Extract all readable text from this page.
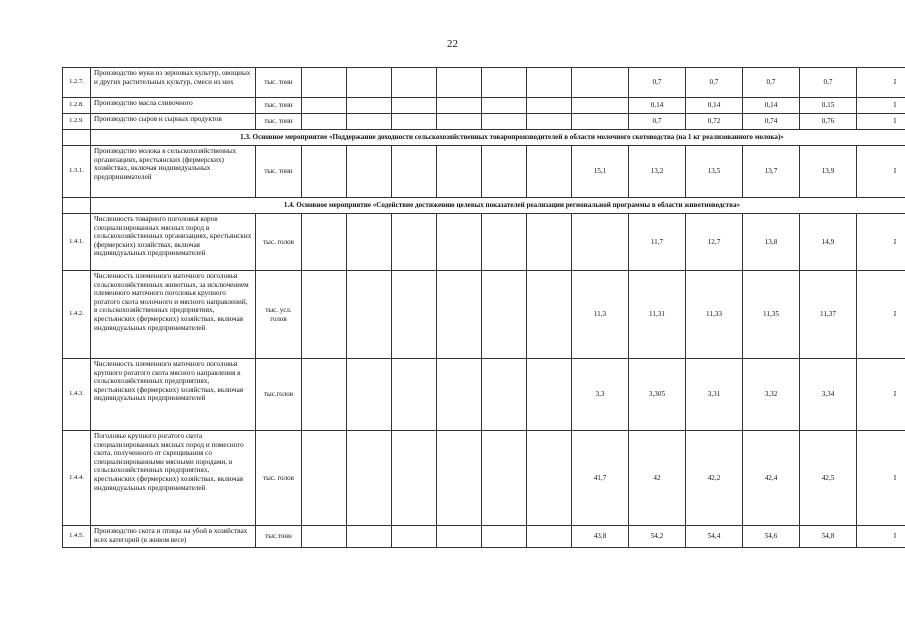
22
1.2.7.	Производство муки из зерновых культур, овощных и других растительных культур, смеси из них	тыс. тонн								0,7	0,7	0,7	0,7	I
1.2.8.	Производство масла сливочного	тыс. тонн								0,14	0,14	0,14	0,15	I
1.2.9.	Производство сыров и сырных продуктов	тыс. тонн								0,7	0,72	0,74	0,76	I
	1.3. Основное мероприятие «Поддержание доходности сельскохозяйственных товаропроизводителей в области молочного скотоводства (на 1 кг реализованного молока)»													
1.3.1.	Производство молока в сельскохозяйственных организациях, крестьянских (фермерских) хозяйствах, включая индивидуальных предпринимателей	тыс. тонн							15,1	13,2	13,5	13,7	13,9	I
	1.4. Основное мероприятие «Содействие достижению целевых показателей реализации региональной программы в области животноводства»													
1.4.1.	Численность товарного поголовья коров специализированных мясных пород в сельскохозяйственных организациях, крестьянских (фермерских) хозяйствах, включая индивидуальных предпринимателей	тыс. голов								11,7	12,7	13,8	14,9	I
1.4.2.	Численность племенного маточного поголовья сельскохозяйственных животных, за исключением племенного маточного поголовья крупного рогатого скота молочного и мясного направлений, в сельскохозяйственных предприятиях, крестьянских (фермерских) хозяйствах, включая индивидуальных предпринимателей	тыс. усл. голов							11,3	11,31	11,33	11,35	11,37	I
1.4.3.	Численность племенного маточного поголовья крупного рогатого скота мясного направления в сельскохозяйственных предприятиях, крестьянских (фермерских) хозяйствах, включая индивидуальных предпринимателей	тыс.голов							3,3	3,305	3,31	3,32	3,34	I
1.4.4.	Поголовье крупного рогатого скота специализированных мясных пород и помесного скота, полученного от скрещивания со специализированными мясными породами, в сельскохозяйственных предприятиях, крестьянских (фермерских) хозяйствах, включая индивидуальных предпринимателей	тыс. голов							41,7	42	42,2	42,4	42,5	I
1.4.5.	Производство скота и птицы на убой в хозяйствах всех категорий (в живом весе)	тыс.тонн							43,8	54,2	54,4	54,6	54,8	I
